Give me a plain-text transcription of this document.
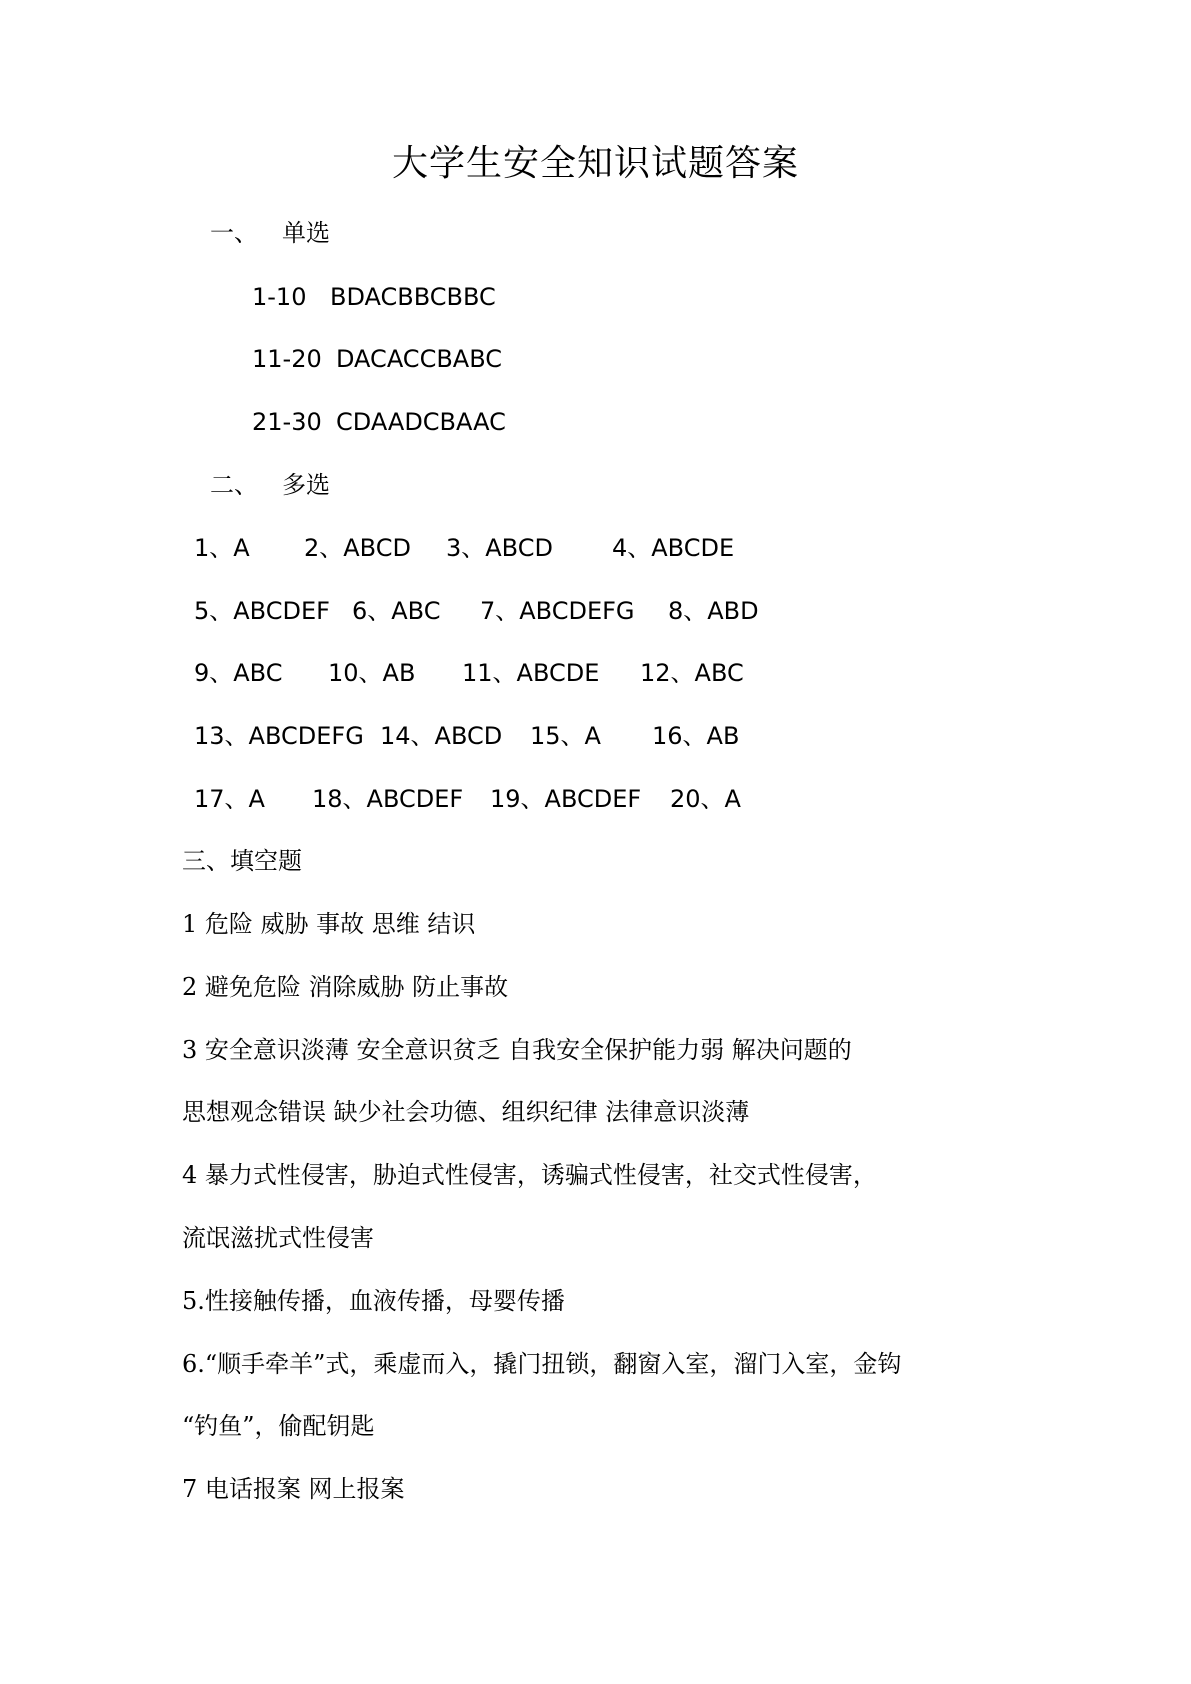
大学生安全知识试题答案
一、 单选
1-10 BDACBBCBBC
11-20 DACACCBABC
21-30 CDAADCBAAC
二、 多选
1、A 2、ABCD 3、ABCD 4、ABCDE
5、ABCDEF 6、ABC 7、ABCDEFG 8、ABD
9、ABC 10、AB 11、ABCDE 12、ABC
13、ABCDEFG 14、ABCD 15、A 16、AB
17、A 18、ABCDEF 19、ABCDEF 20、A
三、填空题
1 危险 威胁 事故 思维 结识
2 避免危险 消除威胁 防止事故
3 安全意识淡薄 安全意识贫乏 自我安全保护能力弱 解决问题的
思想观念错误 缺少社会功德、组织纪律 法律意识淡薄
4 暴力式性侵害，胁迫式性侵害，诱骗式性侵害，社交式性侵害，
流氓滋扰式性侵害
5.性接触传播，血液传播，母婴传播
6.“顺手牵羊”式，乘虚而入，撬门扭锁，翻窗入室，溜门入室，金钩
“钓鱼”，偷配钥匙
7 电话报案 网上报案
